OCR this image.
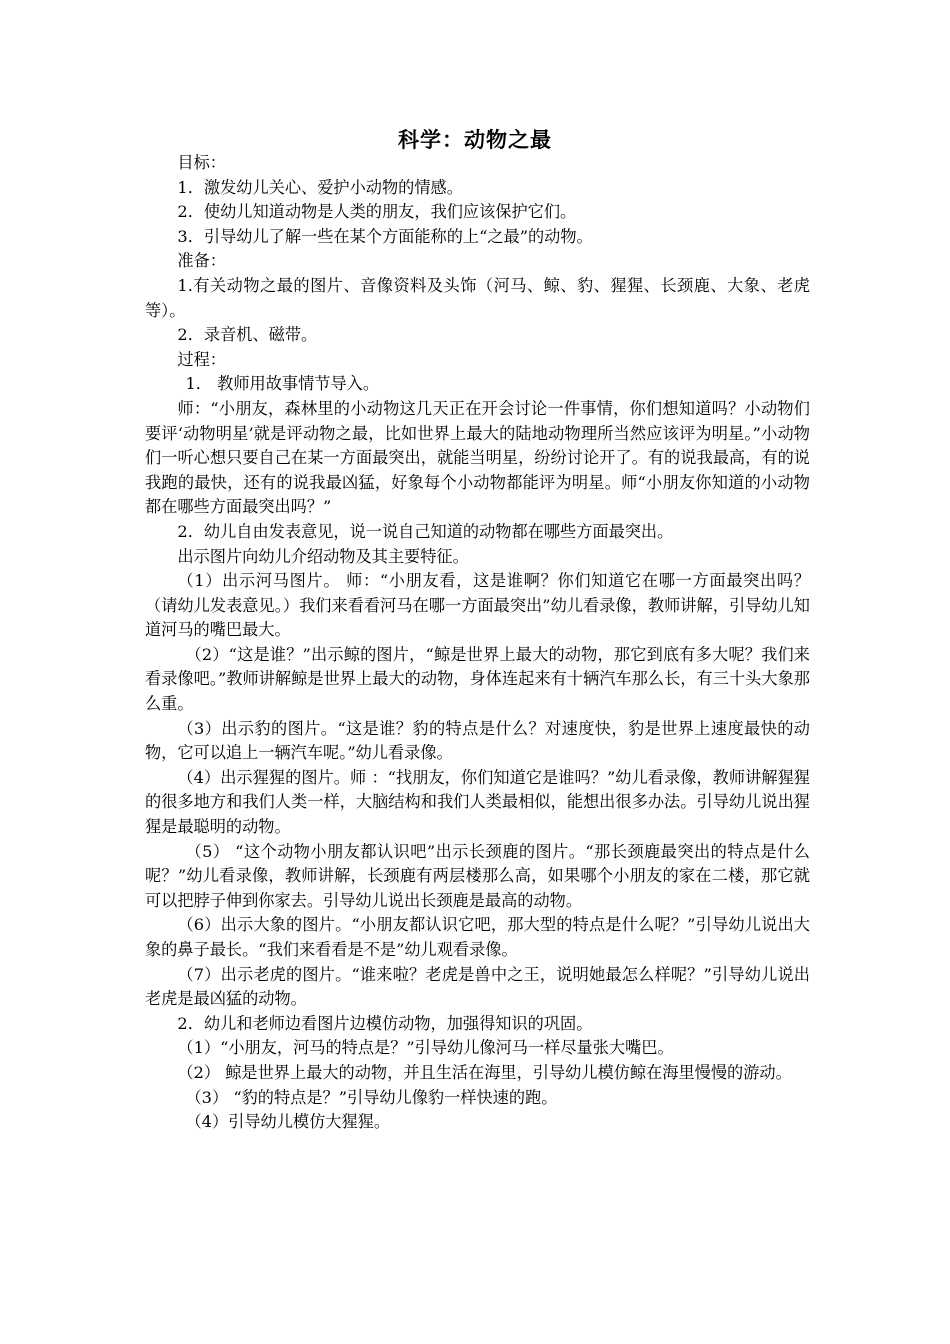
科学：动物之最

目标：

1．激发幼儿关心、爱护小动物的情感。

2．使幼儿知道动物是人类的朋友，我们应该保护它们。

3．引导幼儿了解一些在某个方面能称的上“之最”的动物。

准备：

1.有关动物之最的图片、音像资料及头饰（河马、鲸、豹、猩猩、长颈鹿、大象、老虎等）。

2．录音机、磁带。

过程：

1． 教师用故事情节导入。

师：“小朋友，森林里的小动物这几天正在开会讨论一件事情，你们想知道吗？小动物们要评‘动物明星’就是评动物之最，比如世界上最大的陆地动物理所当然应该评为明星。”小动物们一听心想只要自己在某一方面最突出，就能当明星，纷纷讨论开了。有的说我最高，有的说我跑的最快，还有的说我最凶猛，好象每个小动物都能评为明星。师“小朋友你知道的小动物都在哪些方面最突出吗？”

2．幼儿自由发表意见，说一说自己知道的动物都在哪些方面最突出。

出示图片向幼儿介绍动物及其主要特征。

（1）出示河马图片。 师：“小朋友看，这是谁啊？你们知道它在哪一方面最突出吗？（请幼儿发表意见。）我们来看看河马在哪一方面最突出”幼儿看录像，教师讲解，引导幼儿知道河马的嘴巴最大。

（2）“这是谁？”出示鲸的图片，“鲸是世界上最大的动物，那它到底有多大呢？我们来看录像吧。”教师讲解鲸是世界上最大的动物，身体连起来有十辆汽车那么长，有三十头大象那么重。

（3）出示豹的图片。“这是谁？豹的特点是什么？对速度快，豹是世界上速度最快的动物，它可以追上一辆汽车呢。”幼儿看录像。

（4）出示猩猩的图片。师 ：“找朋友，你们知道它是谁吗？”幼儿看录像，教师讲解猩猩的很多地方和我们人类一样，大脑结构和我们人类最相似，能想出很多办法。引导幼儿说出猩猩是最聪明的动物。

（5） “这个动物小朋友都认识吧”出示长颈鹿的图片。“那长颈鹿最突出的特点是什么呢？”幼儿看录像，教师讲解，长颈鹿有两层楼那么高，如果哪个小朋友的家在二楼，那它就可以把脖子伸到你家去。引导幼儿说出长颈鹿是最高的动物。

（6）出示大象的图片。“小朋友都认识它吧，那大型的特点是什么呢？”引导幼儿说出大象的鼻子最长。“我们来看看是不是”幼儿观看录像。

（7）出示老虎的图片。“谁来啦？老虎是兽中之王，说明她最怎么样呢？”引导幼儿说出老虎是最凶猛的动物。

2．幼儿和老师边看图片边模仿动物，加强得知识的巩固。

（1）“小朋友，河马的特点是？”引导幼儿像河马一样尽量张大嘴巴。

（2） 鲸是世界上最大的动物，并且生活在海里，引导幼儿模仿鲸在海里慢慢的游动。

（3） “豹的特点是？”引导幼儿像豹一样快速的跑。

（4）引导幼儿模仿大猩猩。
